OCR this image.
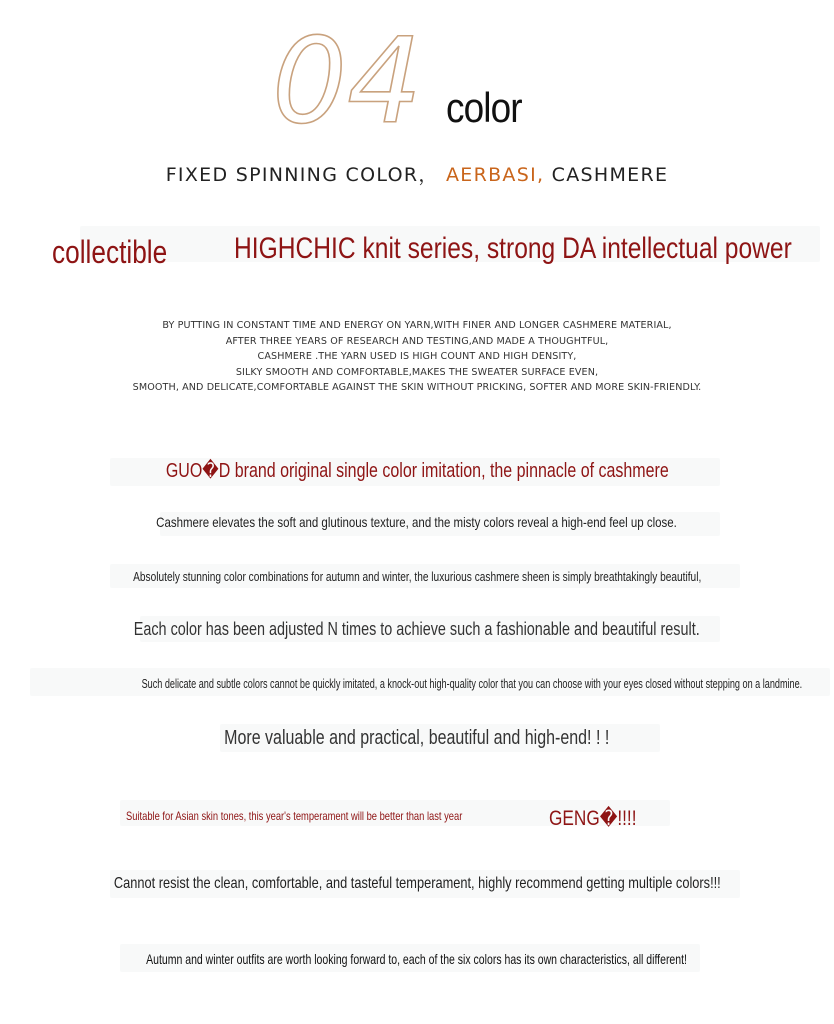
04 color
FIXED SPINNING COLOR， AERBASI, CASHMERE
collectible HIGHCHIC knit series, strong DA intellectual power
BY PUTTING IN CONSTANT TIME AND ENERGY ON YARN,WITH FINER AND LONGER CASHMERE MATERIAL,
AFTER THREE YEARS OF RESEARCH AND TESTING,AND MADE A THOUGHTFUL,
CASHMERE .THE YARN USED IS HIGH COUNT AND HIGH DENSITY,
SILKY SMOOTH AND COMFORTABLE,MAKES THE SWEATER SURFACE EVEN,
SMOOTH, AND DELICATE,COMFORTABLE AGAINST THE SKIN WITHOUT PRICKING, SOFTER AND MORE SKIN-FRIENDLY.
GUO�D brand original single color imitation, the pinnacle of cashmere
Cashmere elevates the soft and glutinous texture, and the misty colors reveal a high-end feel up close.
Absolutely stunning color combinations for autumn and winter, the luxurious cashmere sheen is simply breathtakingly beautiful,
Each color has been adjusted N times to achieve such a fashionable and beautiful result.
Such delicate and subtle colors cannot be quickly imitated, a knock-out high-quality color that you can choose with your eyes closed without stepping on a landmine.
More valuable and practical, beautiful and high-end! ! !
Suitable for Asian skin tones, this year's temperament will be better than last year	GENG�!!!!
Cannot resist the clean, comfortable, and tasteful temperament, highly recommend getting multiple colors!!!
Autumn and winter outfits are worth looking forward to, each of the six colors has its own characteristics, all different!
